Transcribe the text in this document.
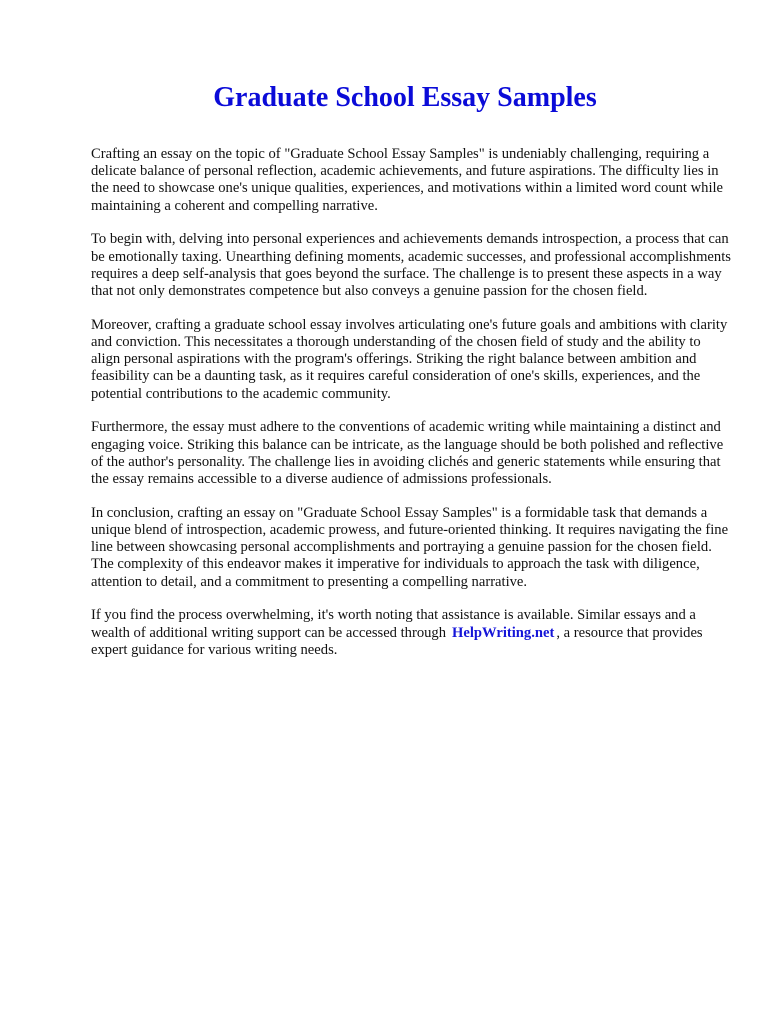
Graduate School Essay Samples

Crafting an essay on the topic of "Graduate School Essay Samples" is undeniably challenging, requiring a delicate balance of personal reflection, academic achievements, and future aspirations. The difficulty lies in the need to showcase one's unique qualities, experiences, and motivations within a limited word count while maintaining a coherent and compelling narrative.

To begin with, delving into personal experiences and achievements demands introspection, a process that can be emotionally taxing. Unearthing defining moments, academic successes, and professional accomplishments requires a deep self-analysis that goes beyond the surface. The challenge is to present these aspects in a way that not only demonstrates competence but also conveys a genuine passion for the chosen field.

Moreover, crafting a graduate school essay involves articulating one's future goals and ambitions with clarity and conviction. This necessitates a thorough understanding of the chosen field of study and the ability to align personal aspirations with the program's offerings. Striking the right balance between ambition and feasibility can be a daunting task, as it requires careful consideration of one's skills, experiences, and the potential contributions to the academic community.

Furthermore, the essay must adhere to the conventions of academic writing while maintaining a distinct and engaging voice. Striking this balance can be intricate, as the language should be both polished and reflective of the author's personality. The challenge lies in avoiding clichés and generic statements while ensuring that the essay remains accessible to a diverse audience of admissions professionals.

In conclusion, crafting an essay on "Graduate School Essay Samples" is a formidable task that demands a unique blend of introspection, academic prowess, and future-oriented thinking. It requires navigating the fine line between showcasing personal accomplishments and portraying a genuine passion for the chosen field. The complexity of this endeavor makes it imperative for individuals to approach the task with diligence, attention to detail, and a commitment to presenting a compelling narrative.

If you find the process overwhelming, it's worth noting that assistance is available. Similar essays and a wealth of additional writing support can be accessed through HelpWriting.net , a resource that provides expert guidance for various writing needs.
